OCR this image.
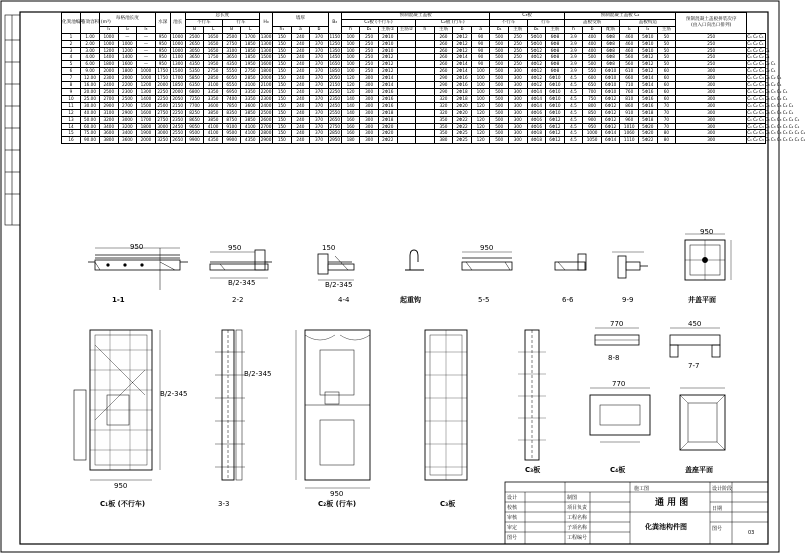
化粪池编号	有效容积 (m³)	每格池长度			水深	池长	总长度				H₀	墙厚			B₂	预制混凝土盖板								C₃板				预制混凝土盖板 C₄						预制混凝土盖板拼装次序
(由入口向出口排列)	
							不行车		行车							C₁板 (不行车)				C₂板 (行车)				不行车		行车		盖板受筋			盖板构造				
		l₁	l₂	l₃			B	L	B	L		h₁	a	b		h	b₁	主筋①	主筋②	h	主筋	b	a	b₁	主筋	b₁	主筋	h	b	配筋	l₁	l₂	主筋		
1	1.00	1000	—	—	950	1000	2500	1650	2500	1700	1300	150	240	370	1150	100	250	2Φ10			260	2Φ12	90	500	250	5Φ10	6Φ8	3.9	400	6Φ8	460	5Φ10	50	250	C₁ C₂ C₁
2	2.00	1000	1000	—	950	1000	2650	1650	2750	1850	1300	150	240	370	1250	100	250	2Φ10			260	2Φ12	90	500	250	5Φ10	6Φ8	3.9	400	6Φ8	460	5Φ10	50	250	C₁ C₂ C₁
3	3.00	1200	1200	—	950	1000	3050	1650	3100	1850	1300	150	240	370	1350	100	250	2Φ10			260	2Φ12	90	500	250	5Φ12	6Φ8	3.9	400	6Φ8	460	5Φ10	50	250	C₁ C₂ C₂ C₁
4	4.00	1400	1400	—	950	1100	3650	1750	3650	1850	1500	150	240	370	1450	100	250	2Φ12			260	2Φ14	90	500	250	4Φ12	6Φ8	3.9	500	6Φ8	560	5Φ12	50	250	C₁ C₂ C₂ C₁
5	6.00	1800	1600	—	950	1300	4350	1950	4350	1950	1600	150	240	370	1650	100	250	2Φ12			260	2Φ14	90	500	250	4Φ12	6Φ8	3.9	500	6Φ8	560	5Φ12	50	250	C₁ C₂ C₃ C₂ C₁
6	9.00	2000	1800	1000	1750	1500	5350	2750	5550	2750	1800	150	240	370	1850	100	250	2Φ12			260	2Φ14	100	500	300	4Φ12	6Φ8	3.9	550	6Φ10	610	5Φ12	60	300	C₁ C₂ C₃ C₂ C₁
7	12.00	2300	2000	1000	1750	1700	5850	2850	6050	2850	2000	150	240	370	2050	120	300	2Φ14			290	2Φ16	100	500	300	4Φ12	6Φ10	4.5	600	6Φ10	660	5Φ14	60	300	C₁ C₂ C₃ C₃ C₂ C₁
8	16.00	2400	2200	1200	2000	1850	6350	3100	6550	3100	2100	150	240	370	2150	120	300	2Φ14			290	2Φ16	100	500	300	4Φ12	6Φ10	4.5	650	6Φ10	710	5Φ14	60	300	C₁ C₂ C₃ C₃ C₂ C₁
9	20.00	2500	2300	1300	2250	2000	6800	3350	6950	3350	2200	150	240	370	2250	120	300	2Φ16			290	2Φ18	100	500	300	4Φ14	6Φ10	4.5	700	6Φ10	760	5Φ16	60	300	C₁ C₂ C₃ C₃ C₃ C₂ C₁
10	25.00	2700	2500	1400	2250	2050	7250	3350	7400	3350	2300	150	240	370	2350	140	300	2Φ16			320	2Φ18	100	500	300	4Φ14	6Φ10	4.5	750	6Φ12	810	5Φ16	60	300	C₁ C₂ C₃ C₃ C₃ C₂ C₁
11	30.00	2900	2700	1500	2500	2150	7700	3600	7850	3600	2400	150	240	370	2450	140	300	2Φ16			320	2Φ20	120	500	300	4Φ14	6Φ10	4.5	800	6Φ12	860	5Φ16	70	300	C₁ C₂ C₃ C₃ C₃ C₃ C₂ C₁
12	40.00	3100	2900	1600	2750	2250	8250	3850	8350	3850	2500	150	240	370	2550	140	300	2Φ18			320	2Φ20	120	500	300	4Φ16	6Φ10	4.5	850	6Φ12	910	5Φ18	70	300	C₁ C₂ C₃ C₃ C₃ C₃ C₂ C₁
13	50.00	3200	3000	1700	2750	2350	8650	3850	8750	3850	2600	150	240	370	2650	160	300	2Φ18			350	2Φ22	120	500	300	4Φ16	6Φ12	4.5	900	6Φ12	960	5Φ18	70	300	C₁ C₂ C₃ C₃ C₃ C₃ C₃ C₂ C₁
14	60.00	3400	3200	1800	3000	2450	9050	4100	9100	4100	2700	150	240	370	2750	160	300	2Φ20			350	2Φ22	120	500	300	4Φ16	6Φ12	4.5	950	6Φ12	1010	5Φ20	70	300	C₁ C₂ C₃ C₃ C₃ C₃ C₃ C₂ C₁
15	75.00	3600	3400	1900	3000	2550	9500	4100	9500	4100	2800	150	240	370	2850	160	300	2Φ20			350	2Φ25	120	500	300	4Φ18	6Φ12	4.5	1000	6Φ14	1060	5Φ20	80	300	C₁ C₂ C₃ C₃ C₃ C₃ C₃ C₃ C₂ C₁
16	90.00	3800	3600	2000	3250	2650	9900	4350	9900	4350	2900	150	240	370	2950	180	300	2Φ22			380	2Φ25	120	500	300	4Φ18	6Φ12	4.5	1050	6Φ14	1110	5Φ22	80	300	C₁ C₂ C₃ C₃ C₃ C₃ C₃ C₃ C₂ C₁
1-1
950
2-2
B/2-345
950
4-4
B/2-345
150
起重钩	5-5
950
6-6	9-9	井盖平面
950
C₁板 (不行车)
950
B/2-345
3-3
B/2-345
C₂板 (行车)
950
C₃板
C₃板
8-8
770
7-7
450
C₄板
770
盖座平面
施工图
通 用 图
化粪池构件图
03
设计
校核
审核
审定
制图
项目负责
工程名称
子项名称
工程编号
图号
设计阶段
日期
图号
